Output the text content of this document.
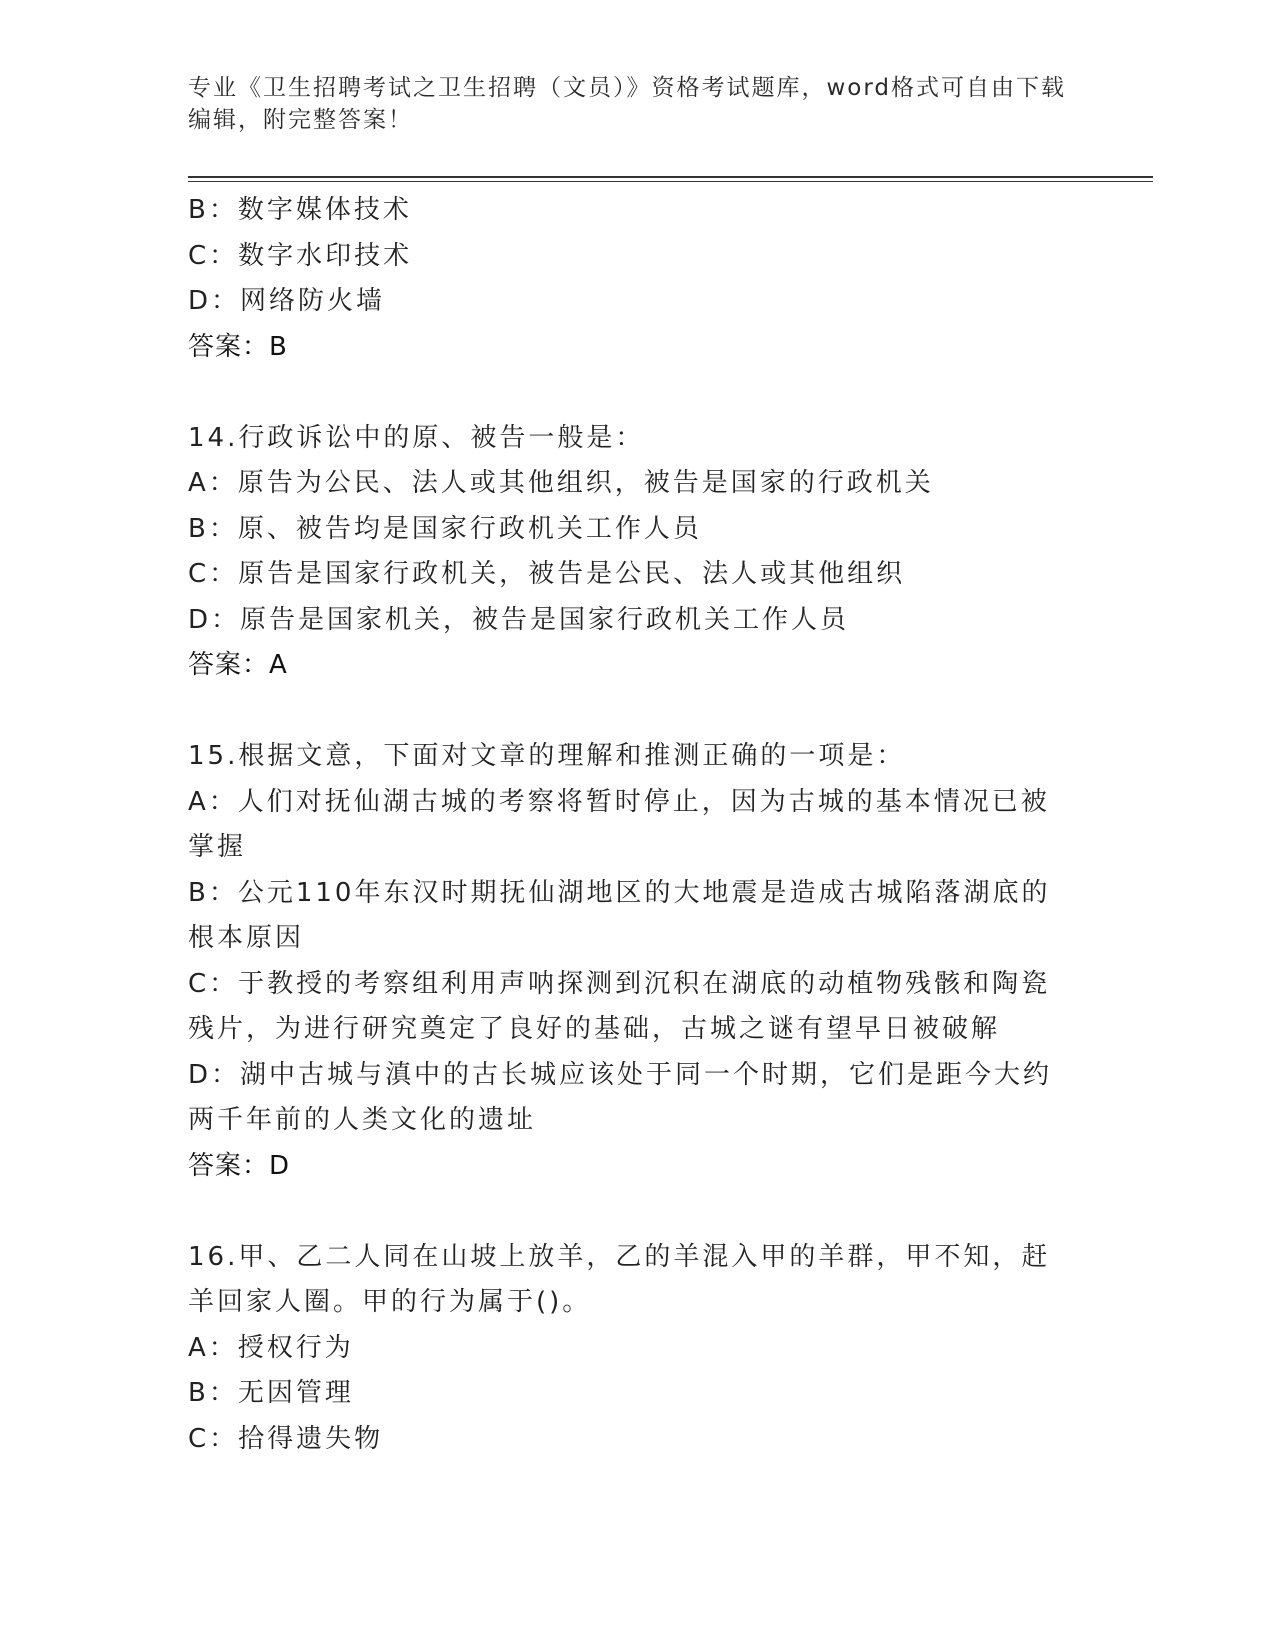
专业《卫生招聘考试之卫生招聘（文员）》资格考试题库，word格式可自由下载编辑，附完整答案！
B：数字媒体技术
C：数字水印技术
D：网络防火墙
答案：B
14.行政诉讼中的原、被告一般是：
A：原告为公民、法人或其他组织，被告是国家的行政机关
B：原、被告均是国家行政机关工作人员
C：原告是国家行政机关，被告是公民、法人或其他组织
D：原告是国家机关，被告是国家行政机关工作人员
答案：A
15.根据文意，下面对文章的理解和推测正确的一项是：
A：人们对抚仙湖古城的考察将暂时停止，因为古城的基本情况已被掌握
B：公元110年东汉时期抚仙湖地区的大地震是造成古城陷落湖底的根本原因
C：于教授的考察组利用声呐探测到沉积在湖底的动植物残骸和陶瓷残片，为进行研究奠定了良好的基础，古城之谜有望早日被破解
D：湖中古城与滇中的古长城应该处于同一个时期，它们是距今大约两千年前的人类文化的遗址
答案：D
16.甲、乙二人同在山坡上放羊，乙的羊混入甲的羊群，甲不知，赶羊回家人圈。甲的行为属于()。
A：授权行为
B：无因管理
C：拾得遗失物
